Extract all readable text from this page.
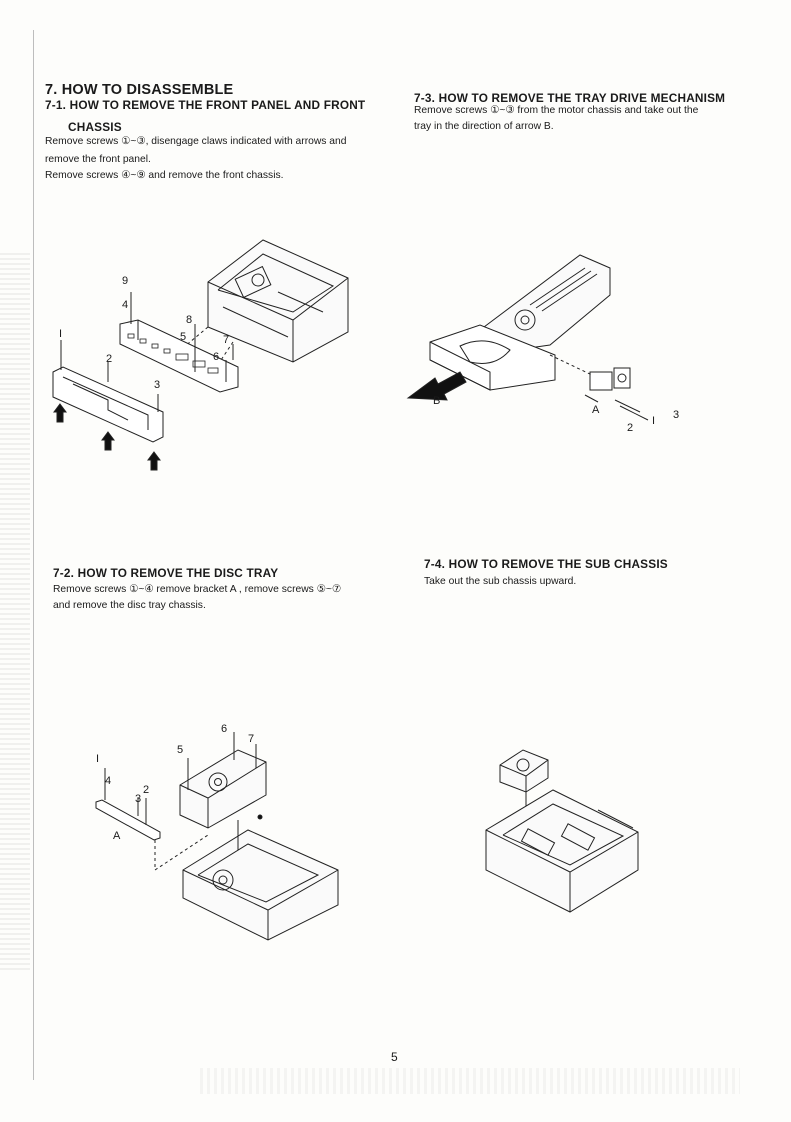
7. HOW TO DISASSEMBLE
7-1. HOW TO REMOVE THE FRONT PANEL AND FRONT
CHASSIS
Remove screws ①~③, disengage claws indicated with arrows and
remove the front panel.
Remove screws ④~⑨ and remove the front chassis.
7-3. HOW TO REMOVE THE TRAY DRIVE MECHANISM
Remove screws ①~③ from the motor chassis and take out the
tray in the direction of arrow B.
7-2. HOW TO REMOVE THE DISC TRAY
Remove screws ①~④ remove bracket A , remove screws ⑤~⑦
and remove the disc tray chassis.
7-4. HOW TO REMOVE THE SUB CHASSIS
Take out the sub chassis upward.
9
4
8
5	7
6
I
2
3
B
A
2
I 3
6
7
5
I
4
2
3
A
5
